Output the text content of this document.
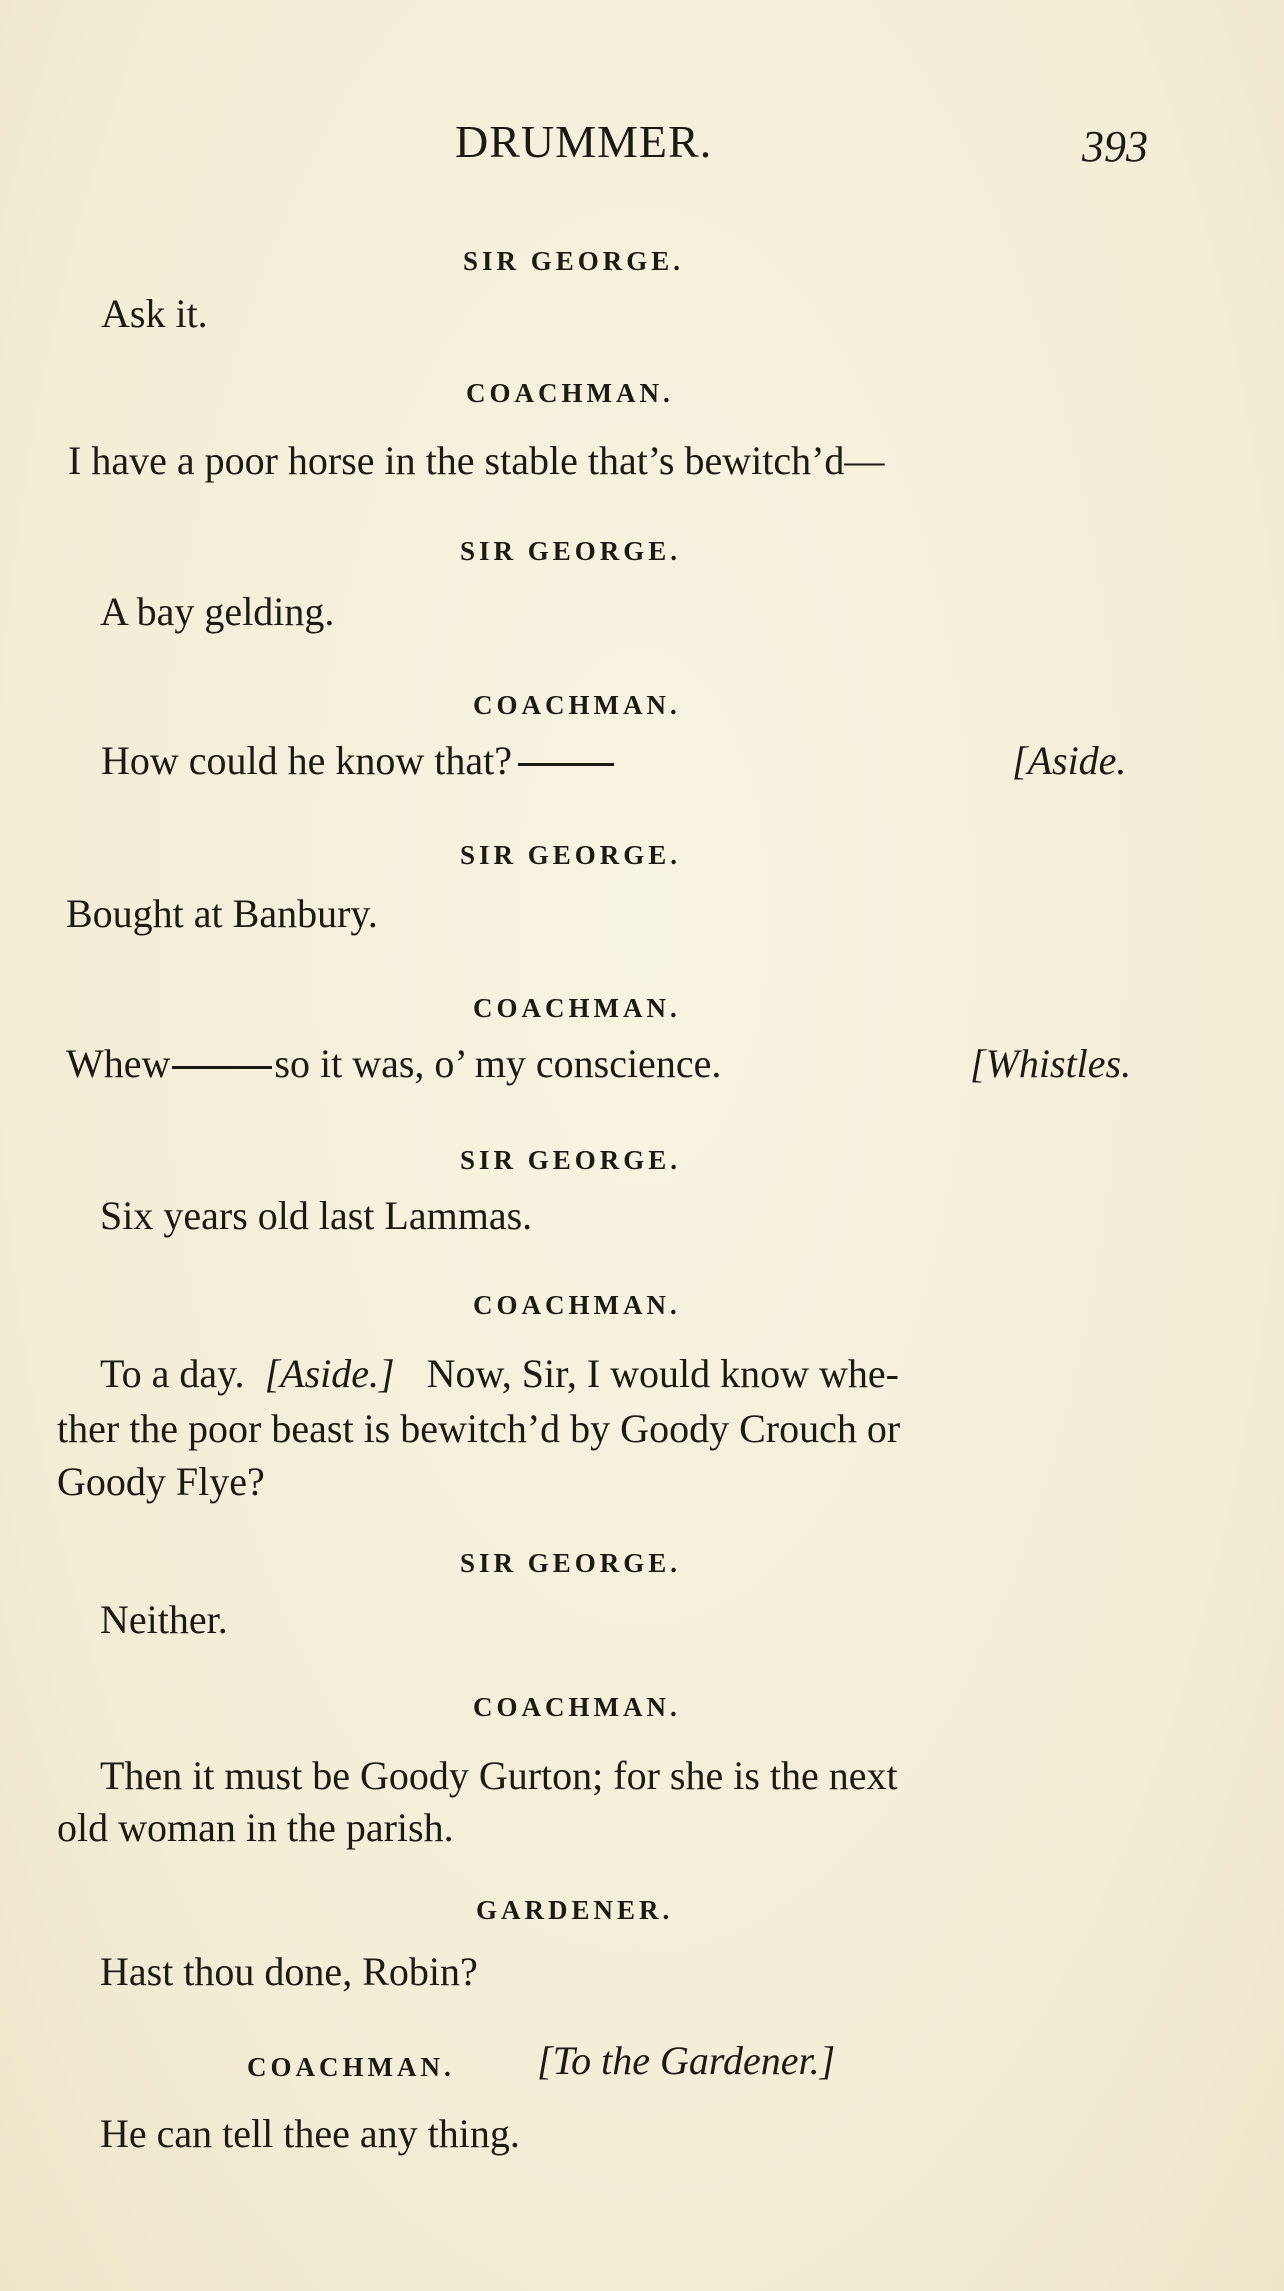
DRUMMER.	393
SIR GEORGE.
Ask it.
COACHMAN.
I have a poor horse in the stable that’s bewitch’d—
SIR GEORGE.
A bay gelding.
COACHMAN.
How could he know that?	[Aside.
SIR GEORGE.
Bought at Banbury.
COACHMAN.
Whew	so it was, o’ my conscience.	[Whistles.
SIR GEORGE.
Six years old last Lammas.
COACHMAN.
To a day. [Aside.] Now, Sir, I would know whe-
ther the poor beast is bewitch’d by Goody Crouch or
Goody Flye?
SIR GEORGE.
Neither.
COACHMAN.
Then it must be Goody Gurton; for she is the next
old woman in the parish.
GARDENER.
Hast thou done, Robin?
COACHMAN. [To the Gardener.]
He can tell thee any thing.
